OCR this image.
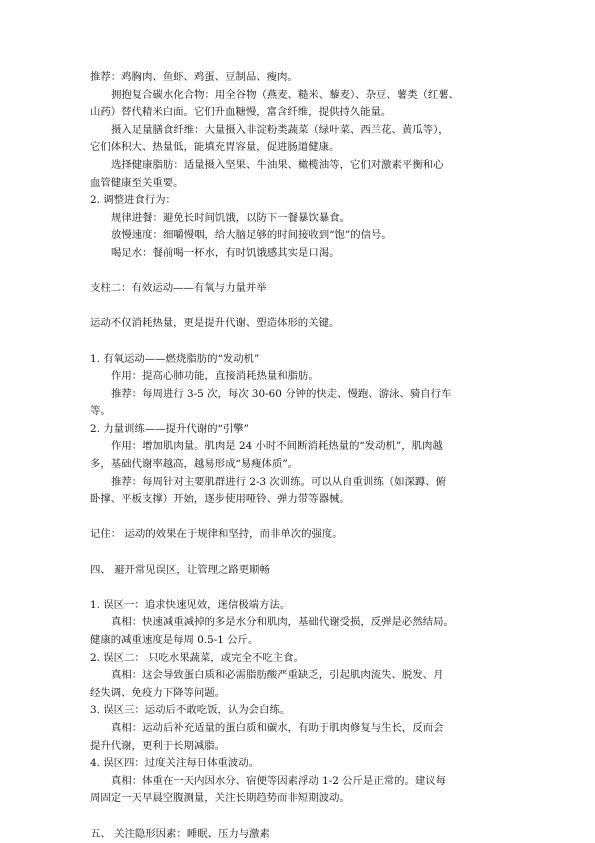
推荐：鸡胸肉、鱼虾、鸡蛋、豆制品、瘦肉。
拥抱复合碳水化合物：用全谷物（燕麦、糙米、藜麦）、杂豆、薯类（红薯、
山药）替代精米白面。它们升血糖慢，富含纤维，提供持久能量。
摄入足量膳食纤维：大量摄入非淀粉类蔬菜（绿叶菜、西兰花、黄瓜等），
它们体积大、热量低，能填充胃容量，促进肠道健康。
选择健康脂肪：适量摄入坚果、牛油果、橄榄油等，它们对激素平衡和心
血管健康至关重要。
2. 调整进食行为：
规律进餐：避免长时间饥饿，以防下一餐暴饮暴食。
放慢速度：细嚼慢咽，给大脑足够的时间接收到“饱”的信号。
喝足水：餐前喝一杯水，有时饥饿感其实是口渴。
支柱二：有效运动——有氧与力量并举
运动不仅消耗热量，更是提升代谢、塑造体形的关键。
1. 有氧运动——燃烧脂肪的“发动机”
作用：提高心肺功能，直接消耗热量和脂肪。
推荐：每周进行 3-5 次，每次 30-60 分钟的快走、慢跑、游泳、骑自行车
等。
2. 力量训练——提升代谢的“引擎”
作用：增加肌肉量。肌肉是 24 小时不间断消耗热量的“发动机”，肌肉越
多，基础代谢率越高，越易形成“易瘦体质”。
推荐：每周针对主要肌群进行 2-3 次训练。可以从自重训练（如深蹲、俯
卧撑、平板支撑）开始，逐步使用哑铃、弹力带等器械。
记住： 运动的效果在于规律和坚持，而非单次的强度。
四、 避开常见误区，让管理之路更顺畅
1. 误区一：追求快速见效，迷信极端方法。
真相：快速减重减掉的多是水分和肌肉，基础代谢受损，反弹是必然结局。
健康的减重速度是每周 0.5-1 公斤。
2. 误区二： 只吃水果蔬菜，或完全不吃主食。
真相：这会导致蛋白质和必需脂肪酸严重缺乏，引起肌肉流失、脱发、月
经失调、免疫力下降等问题。
3. 误区三：运动后不敢吃饭，认为会白练。
真相：运动后补充适量的蛋白质和碳水，有助于肌肉修复与生长，反而会
提升代谢，更利于长期减脂。
4. 误区四：过度关注每日体重波动。
真相：体重在一天内因水分、宿便等因素浮动 1-2 公斤是正常的。建议每
周固定一天早晨空腹测量，关注长期趋势而非短期波动。
五、 关注隐形因素：睡眠、压力与激素
